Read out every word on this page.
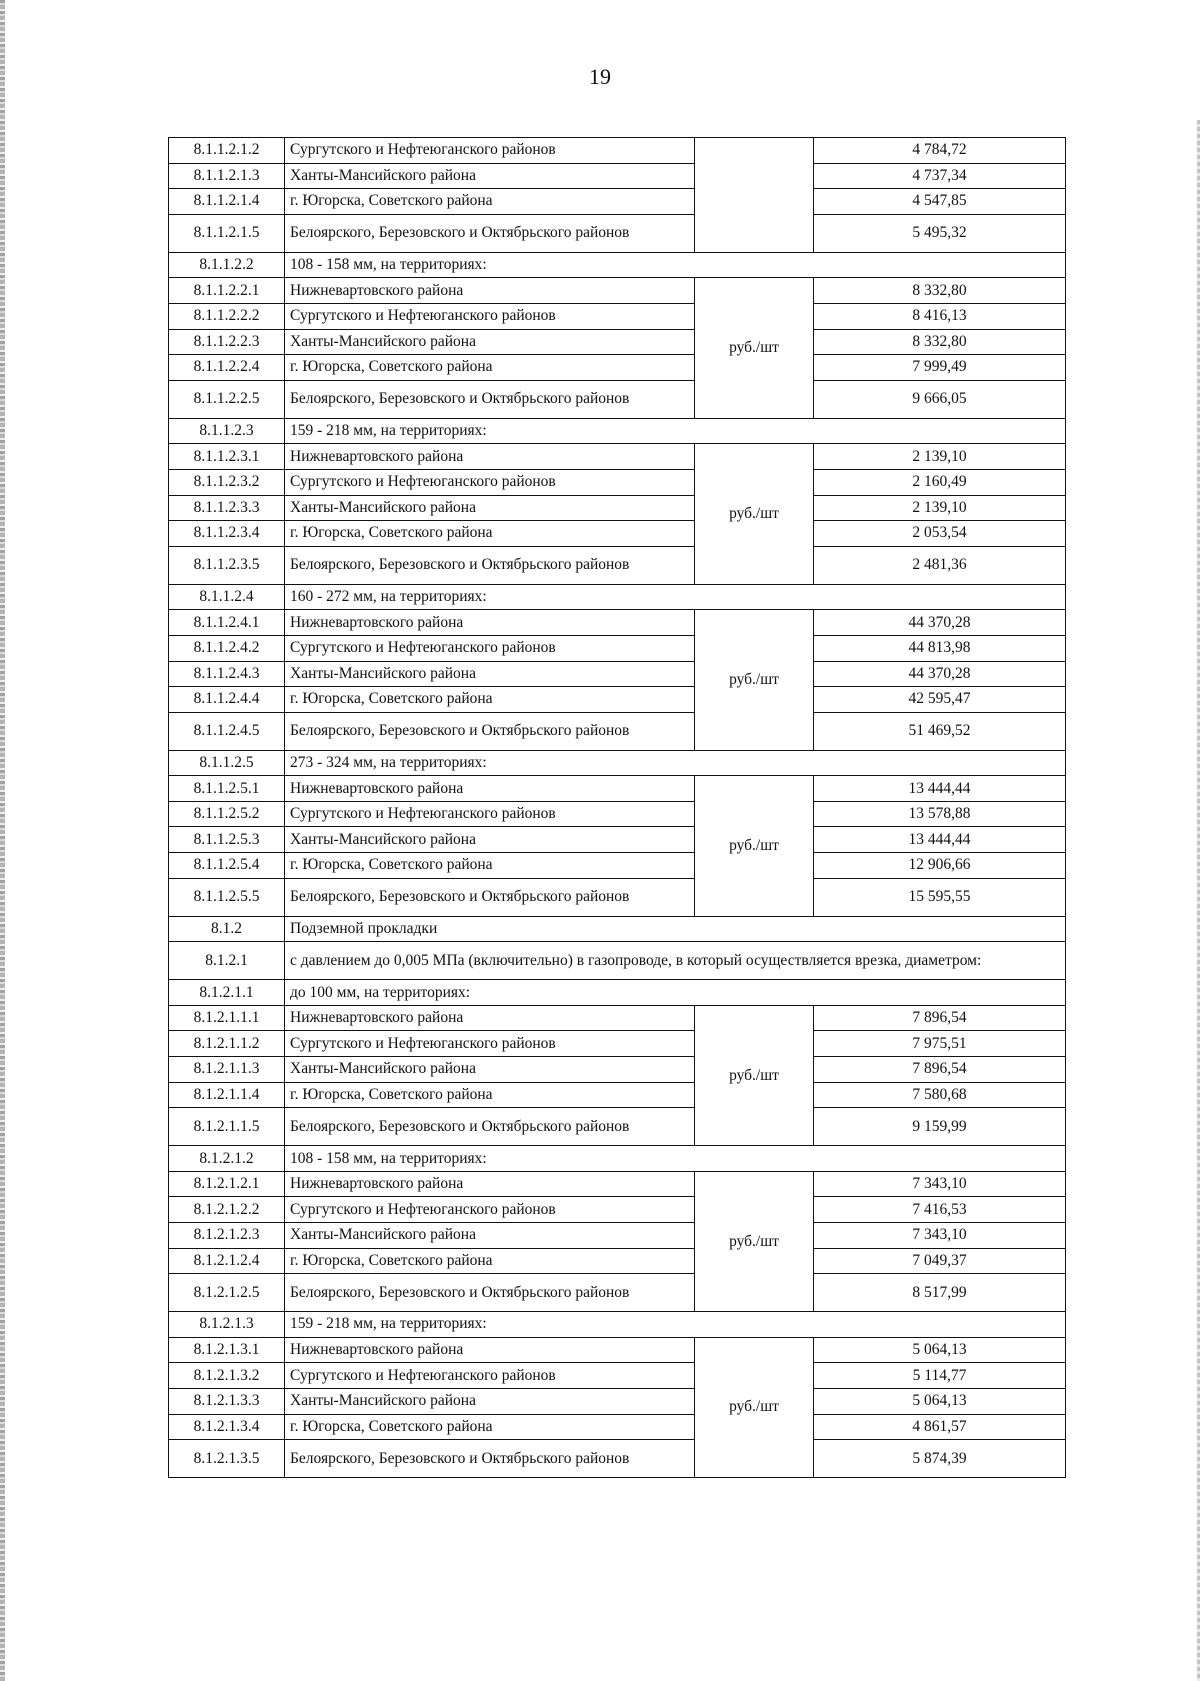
19
8.1.1.2.1.2	Сургутского и Нефтеюганского районов		4 784,72
8.1.1.2.1.3	Ханты-Мансийского района		4 737,34
8.1.1.2.1.4	г. Югорска, Советского района		4 547,85
8.1.1.2.1.5	Белоярского, Березовского и Октябрьского районов		5 495,32
8.1.1.2.2	108 - 158 мм, на территориях:		
8.1.1.2.2.1	Нижневартовского района	руб./шт	8 332,80
8.1.1.2.2.2	Сургутского и Нефтеюганского районов		8 416,13
8.1.1.2.2.3	Ханты-Мансийского района		8 332,80
8.1.1.2.2.4	г. Югорска, Советского района		7 999,49
8.1.1.2.2.5	Белоярского, Березовского и Октябрьского районов		9 666,05
8.1.1.2.3	159 - 218 мм, на территориях:		
8.1.1.2.3.1	Нижневартовского района	руб./шт	2 139,10
8.1.1.2.3.2	Сургутского и Нефтеюганского районов		2 160,49
8.1.1.2.3.3	Ханты-Мансийского района		2 139,10
8.1.1.2.3.4	г. Югорска, Советского района		2 053,54
8.1.1.2.3.5	Белоярского, Березовского и Октябрьского районов		2 481,36
8.1.1.2.4	160 - 272 мм, на территориях:		
8.1.1.2.4.1	Нижневартовского района	руб./шт	44 370,28
8.1.1.2.4.2	Сургутского и Нефтеюганского районов		44 813,98
8.1.1.2.4.3	Ханты-Мансийского района		44 370,28
8.1.1.2.4.4	г. Югорска, Советского района		42 595,47
8.1.1.2.4.5	Белоярского, Березовского и Октябрьского районов		51 469,52
8.1.1.2.5	273 - 324 мм, на территориях:		
8.1.1.2.5.1	Нижневартовского района	руб./шт	13 444,44
8.1.1.2.5.2	Сургутского и Нефтеюганского районов		13 578,88
8.1.1.2.5.3	Ханты-Мансийского района		13 444,44
8.1.1.2.5.4	г. Югорска, Советского района		12 906,66
8.1.1.2.5.5	Белоярского, Березовского и Октябрьского районов		15 595,55
8.1.2	Подземной прокладки		
8.1.2.1	с давлением до 0,005 МПа (включительно) в газопроводе, в который осуществляется врезка, диаметром:		
8.1.2.1.1	до 100 мм, на территориях:		
8.1.2.1.1.1	Нижневартовского района	руб./шт	7 896,54
8.1.2.1.1.2	Сургутского и Нефтеюганского районов		7 975,51
8.1.2.1.1.3	Ханты-Мансийского района		7 896,54
8.1.2.1.1.4	г. Югорска, Советского района		7 580,68
8.1.2.1.1.5	Белоярского, Березовского и Октябрьского районов		9 159,99
8.1.2.1.2	108 - 158 мм, на территориях:		
8.1.2.1.2.1	Нижневартовского района	руб./шт	7 343,10
8.1.2.1.2.2	Сургутского и Нефтеюганского районов		7 416,53
8.1.2.1.2.3	Ханты-Мансийского района		7 343,10
8.1.2.1.2.4	г. Югорска, Советского района		7 049,37
8.1.2.1.2.5	Белоярского, Березовского и Октябрьского районов		8 517,99
8.1.2.1.3	159 - 218 мм, на территориях:		
8.1.2.1.3.1	Нижневартовского района	руб./шт	5 064,13
8.1.2.1.3.2	Сургутского и Нефтеюганского районов		5 114,77
8.1.2.1.3.3	Ханты-Мансийского района		5 064,13
8.1.2.1.3.4	г. Югорска, Советского района		4 861,57
8.1.2.1.3.5	Белоярского, Березовского и Октябрьского районов		5 874,39
